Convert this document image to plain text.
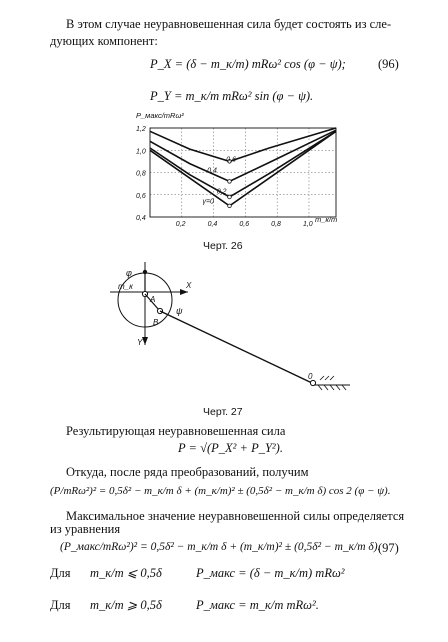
В этом случае неуравновешенная сила будет состоять из сле-

дующих компонент:

P_X = (δ − m_к/m) mRω² cos (φ − ψ);	(96)

P_Y = m_к/m mRω² sin (φ − ψ).

0,2	0,4	0,6	0,8	1,0
0,4
0,6
0,8
1,0
1,2
P_макс/mRω²
m_к/m
γ=0
0,2
0,4
0,6

Черт. 26

φ
m_к
A
X
ψ
B
Y
0

Черт. 27

Результирующая неуравновешенная сила

P = √(P_X² + P_Y²).

Откуда, после ряда преобразований, получим

(P/mRω²)² = 0,5δ² − m_к/m δ + (m_к/m)² ± (0,5δ² − m_к/m δ) cos 2 (φ − ψ).

Максимальное значение неуравновешенной силы определяется

из уравнения

(P_макс/mRω²)² = 0,5δ² − m_к/m δ + (m_к/m)² ± (0,5δ² − m_к/m δ).

(97)

Для m_к/m ⩽ 0,5δ	P_макс = (δ − m_к/m) mRω²

Для m_к/m ⩾ 0,5δ	P_макс = m_к/m mRω².
